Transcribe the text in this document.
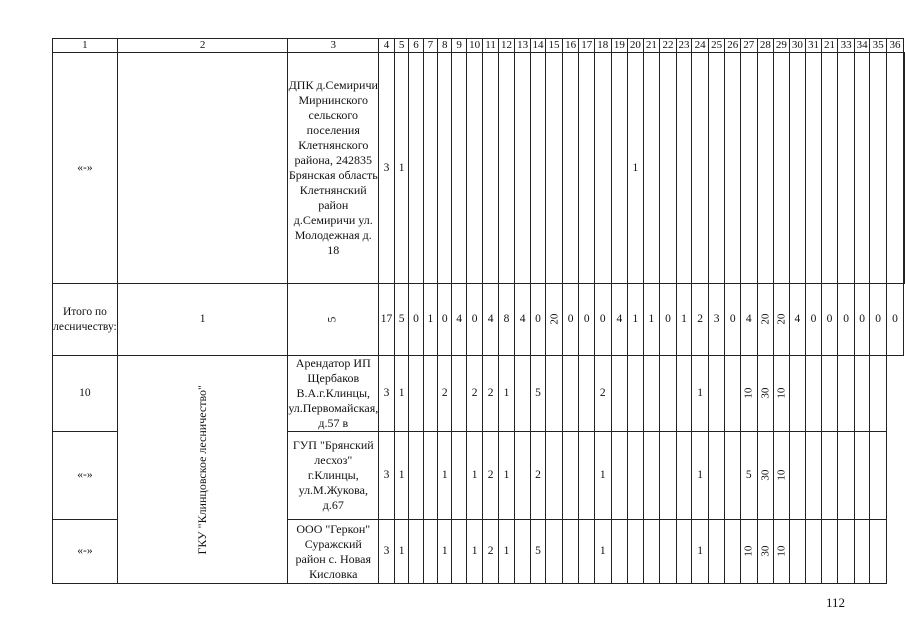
1	2	3	4	5	6	7	8	9	10	11	12	13	14	15	16	17	18	19	20	21	22	23	24	25	26	27	28	29	30	31	21	33	34	35	36	
«-»		ДПК д.Семиричи Мирнинского сельского поселения Клетнянского района, 242835 Брянская область Клетнянский район д.Семиричи ул. Молодежная д. 18	3	1															1																	
Итого по лесничеству:	1	5	17	5	0	1	0	4	0	4	8	4	0	20	0	0	0	4	1	1	0	1	2	3	0	4	20	20	4	0	0	0	0	0	0	
10	ГКУ "Клинцовское лесничество"	Арендатор ИП Щербаков В.А.г.Клинцы, ул.Первомайская, д.57 в	3	1			2		2	2	1		5				2						1			10	30	10								
«-»		ГУП "Брянский лесхоз" г.Клинцы, ул.М.Жукова, д.67	3	1			1		1	2	1		2				1						1			5	30	10								
«-»		ООО "Геркон" Суражский район с. Новая Кисловка	3	1			1		1	2	1		5				1						1			10	30	10								
112
